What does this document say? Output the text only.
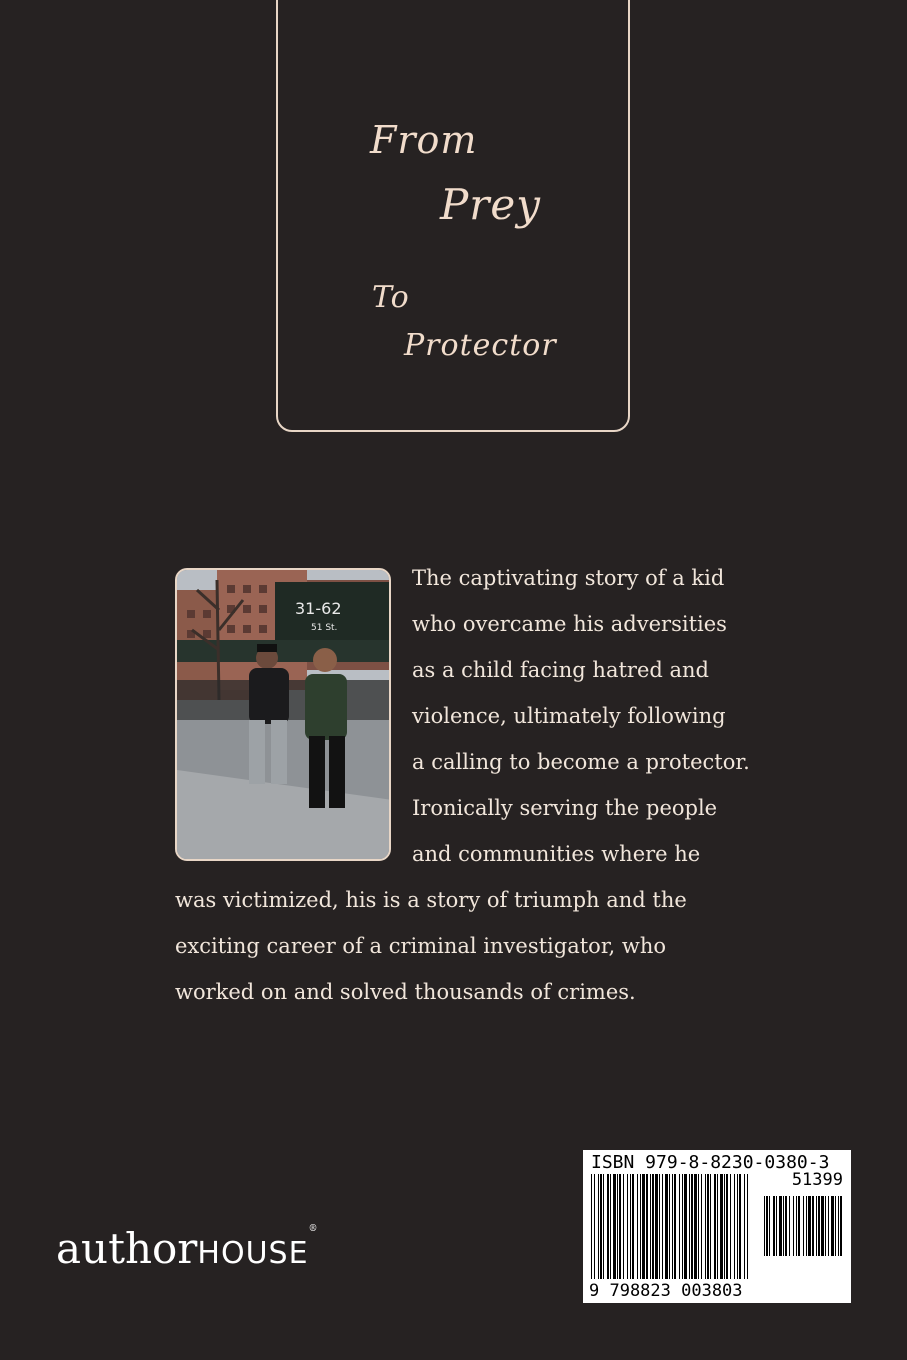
From
Prey
To
Protector
31-62
51 St.
The captivating story of a kid
who overcame his adversities
as a child facing hatred and
violence, ultimately following
a calling to become a protector.
Ironically serving the people
and communities where he
was victimized, his is a story of triumph and the
exciting career of a criminal investigator, who
worked on and solved thousands of crimes.
authorHOUSE®
ISBN 979-8-8230-0380-3
51399
9 798823 003803
